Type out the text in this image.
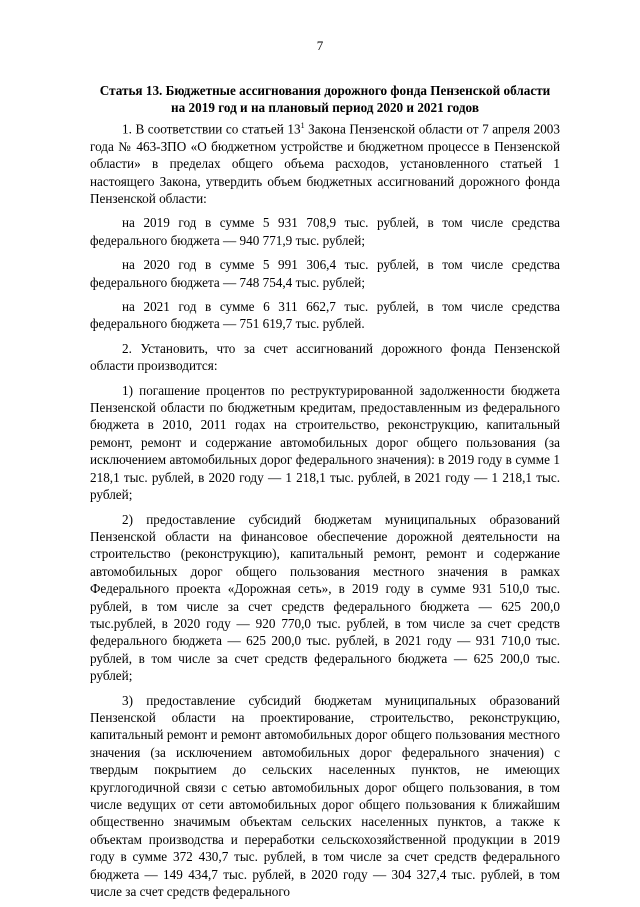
7
Статья 13. Бюджетные ассигнования дорожного фонда Пензенской области
на 2019 год и на плановый период 2020 и 2021 годов

1. В соответствии со статьей $13^1$ Закона Пензенской области от 7 апреля 2003 года № 463-ЗПО «О бюджетном устройстве и бюджетном процессе в Пензенской области» в пределах общего объема расходов, установленного статьей 1 настоящего Закона, утвердить объем бюджетных ассигнований дорожного фонда Пензенской области:

на 2019 год в сумме 5 931 708,9 тыс. рублей, в том числе средства федерального бюджета — 940 771,9 тыс. рублей;

на 2020 год в сумме 5 991 306,4 тыс. рублей, в том числе средства федерального бюджета — 748 754,4 тыс. рублей;

на 2021 год в сумме 6 311 662,7 тыс. рублей, в том числе средства федерального бюджета — 751 619,7 тыс. рублей.

2. Установить, что за счет ассигнований дорожного фонда Пензенской области производится:

1) погашение процентов по реструктурированной задолженности бюджета Пензенской области по бюджетным кредитам, предоставленным из федерального бюджета в 2010, 2011 годах на строительство, реконструкцию, капитальный ремонт, ремонт и содержание автомобильных дорог общего пользования (за исключением автомобильных дорог федерального значения): в 2019 году в сумме 1 218,1 тыс. рублей, в 2020 году — 1 218,1 тыс. рублей, в 2021 году — 1 218,1 тыс. рублей;

2) предоставление субсидий бюджетам муниципальных образований Пензенской области на финансовое обеспечение дорожной деятельности на строительство (реконструкцию), капитальный ремонт, ремонт и содержание автомобильных дорог общего пользования местного значения в рамках Федерального проекта «Дорожная сеть», в 2019 году в сумме 931 510,0 тыс. рублей, в том числе за счет средств федерального бюджета — 625 200,0 тыс.рублей, в 2020 году — 920 770,0 тыс. рублей, в том числе за счет средств федерального бюджета — 625 200,0 тыс. рублей, в 2021 году — 931 710,0 тыс. рублей, в том числе за счет средств федерального бюджета — 625 200,0 тыс. рублей;

3) предоставление субсидий бюджетам муниципальных образований Пензенской области на проектирование, строительство, реконструкцию, капитальный ремонт и ремонт автомобильных дорог общего пользования местного значения (за исключением автомобильных дорог федерального значения) с твердым покрытием до сельских населенных пунктов, не имеющих круглогодичной связи с сетью автомобильных дорог общего пользования, в том числе ведущих от сети автомобильных дорог общего пользования к ближайшим общественно значимым объектам сельских населенных пунктов, а также к объектам производства и переработки сельскохозяйственной продукции в 2019 году в сумме 372 430,7 тыс. рублей, в том числе за счет средств федерального бюджета — 149 434,7 тыс. рублей, в 2020 году — 304 327,4 тыс. рублей, в том числе за счет средств федерального
